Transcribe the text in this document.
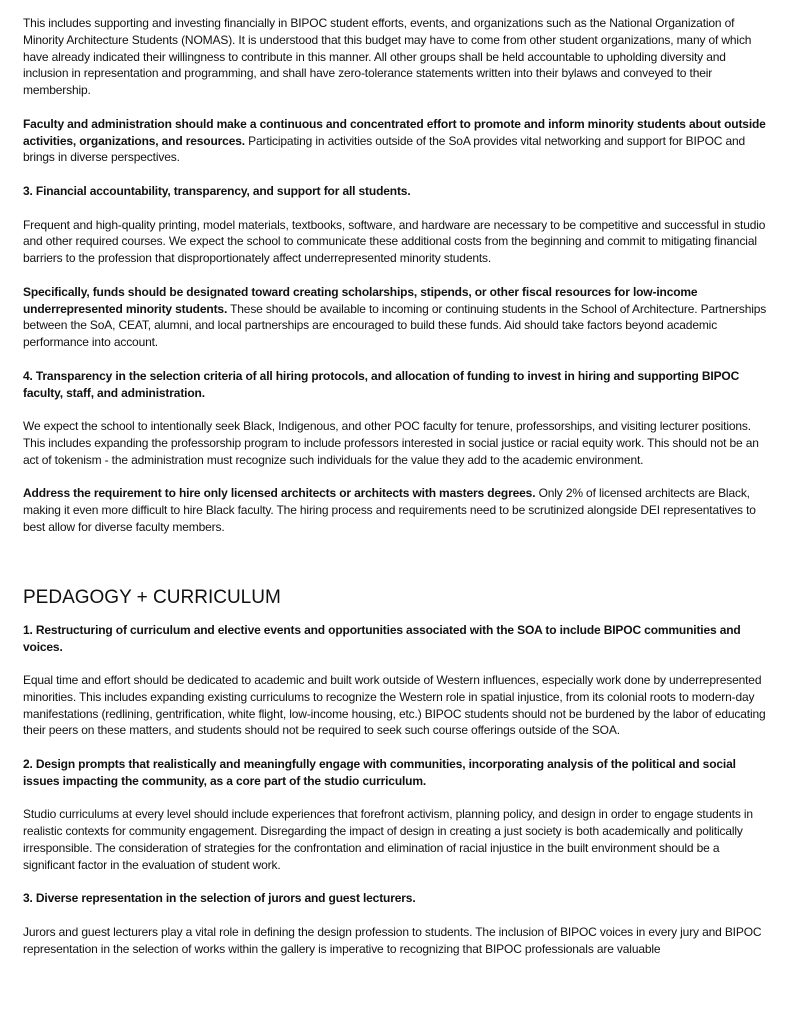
This includes supporting and investing financially in BIPOC student efforts, events, and organizations such as the National Organization of Minority Architecture Students (NOMAS). It is understood that this budget may have to come from other student organizations, many of which have already indicated their willingness to contribute in this manner. All other groups shall be held accountable to upholding diversity and inclusion in representation and programming, and shall have zero-tolerance statements written into their bylaws and conveyed to their membership.

Faculty and administration should make a continuous and concentrated effort to promote and inform minority students about outside activities, organizations, and resources. Participating in activities outside of the SoA provides vital networking and support for BIPOC and brings in diverse perspectives.

3. Financial accountability, transparency, and support for all students.

Frequent and high-quality printing, model materials, textbooks, software, and hardware are necessary to be competitive and successful in studio and other required courses. We expect the school to communicate these additional costs from the beginning and commit to mitigating financial barriers to the profession that disproportionately affect underrepresented minority students.

Specifically, funds should be designated toward creating scholarships, stipends, or other fiscal resources for low-income underrepresented minority students. These should be available to incoming or continuing students in the School of Architecture. Partnerships between the SoA, CEAT, alumni, and local partnerships are encouraged to build these funds. Aid should take factors beyond academic performance into account.

4. Transparency in the selection criteria of all hiring protocols, and allocation of funding to invest in hiring and supporting BIPOC faculty, staff, and administration.

We expect the school to intentionally seek Black, Indigenous, and other POC faculty for tenure, professorships, and visiting lecturer positions. This includes expanding the professorship program to include professors interested in social justice or racial equity work. This should not be an act of tokenism - the administration must recognize such individuals for the value they add to the academic environment.

Address the requirement to hire only licensed architects or architects with masters degrees. Only 2% of licensed architects are Black, making it even more difficult to hire Black faculty. The hiring process and requirements need to be scrutinized alongside DEI representatives to best allow for diverse faculty members.

PEDAGOGY + CURRICULUM

1. Restructuring of curriculum and elective events and opportunities associated with the SOA to include BIPOC communities and voices.

Equal time and effort should be dedicated to academic and built work outside of Western influences, especially work done by underrepresented minorities. This includes expanding existing curriculums to recognize the Western role in spatial injustice, from its colonial roots to modern-day manifestations (redlining, gentrification, white flight, low-income housing, etc.) BIPOC students should not be burdened by the labor of educating their peers on these matters, and students should not be required to seek such course offerings outside of the SOA.

2. Design prompts that realistically and meaningfully engage with communities, incorporating analysis of the political and social issues impacting the community, as a core part of the studio curriculum.

Studio curriculums at every level should include experiences that forefront activism, planning policy, and design in order to engage students in realistic contexts for community engagement. Disregarding the impact of design in creating a just society is both academically and politically irresponsible. The consideration of strategies for the confrontation and elimination of racial injustice in the built environment should be a significant factor in the evaluation of student work.

3. Diverse representation in the selection of jurors and guest lecturers.

Jurors and guest lecturers play a vital role in defining the design profession to students. The inclusion of BIPOC voices in every jury and BIPOC representation in the selection of works within the gallery is imperative to recognizing that BIPOC professionals are valuable
